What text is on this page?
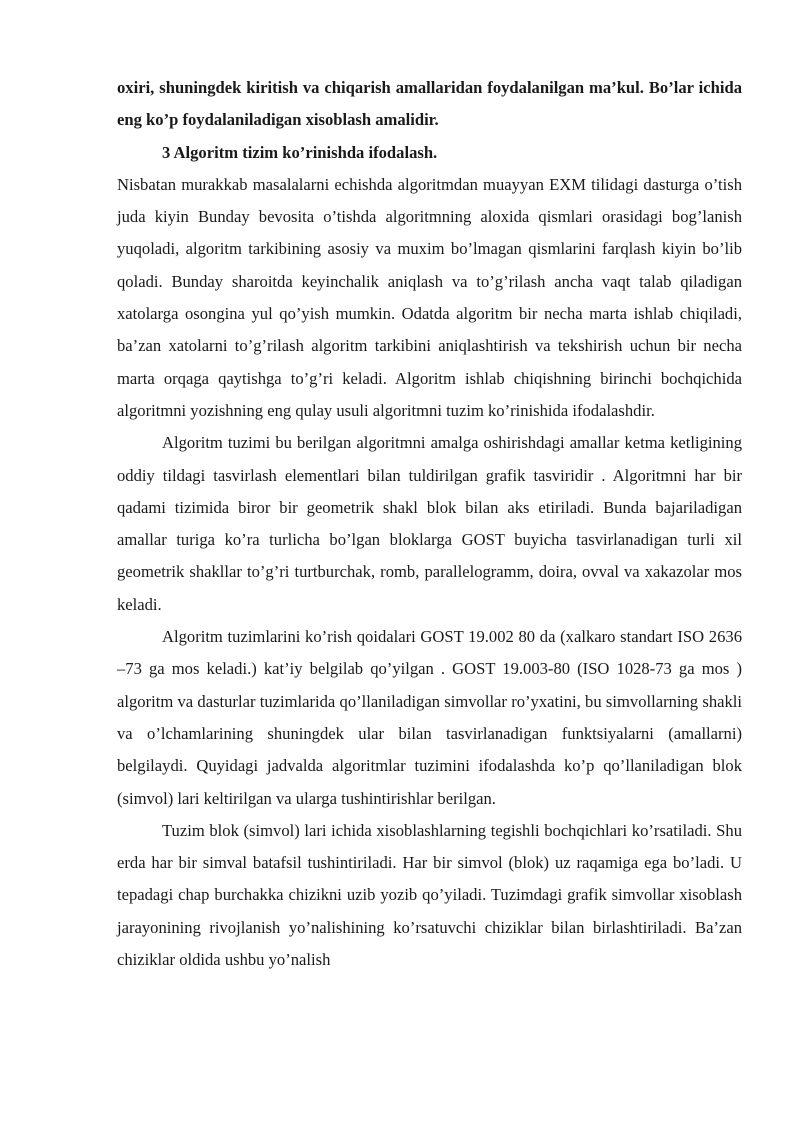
oxiri, shuningdek kiritish va chiqarish amallaridan foydalanilgan ma’kul. Bo’lar ichida eng ko’p foydalaniladigan xisoblash amalidir.

3 Algoritm tizim ko’rinishda ifodalash.

Nisbatan murakkab masalalarni echishda algoritmdan muayyan EXM tilidagi dasturga o’tish juda kiyin Bunday bevosita o’tishda algoritmning aloxida qismlari orasidagi bog’lanish yuqoladi, algoritm tarkibining asosiy va muxim bo’lmagan qismlarini farqlash kiyin bo’lib qoladi. Bunday sharoitda keyinchalik aniqlash va to’g’rilash ancha vaqt talab qiladigan xatolarga osongina yul qo’yish mumkin. Odatda algoritm bir necha marta ishlab chiqiladi, ba’zan xatolarni to’g’rilash algoritm tarkibini aniqlashtirish va tekshirish uchun bir necha marta orqaga qaytishga to’g’ri keladi. Algoritm ishlab chiqishning birinchi bochqichida algoritmni yozishning eng qulay usuli algoritmni tuzim ko’rinishida ifodalashdir.

Algoritm tuzimi bu berilgan algoritmni amalga oshirishdagi amallar ketma ketligining oddiy tildagi tasvirlash elementlari bilan tuldirilgan grafik tasviridir . Algoritmni har bir qadami tizimida biror bir geometrik shakl blok bilan aks etiriladi. Bunda bajariladigan amallar turiga ko’ra turlicha bo’lgan bloklarga GOST buyicha tasvirlanadigan turli xil geometrik shakllar to’g’ri turtburchak, romb, parallelogramm, doira, ovval va xakazolar mos keladi.

Algoritm tuzimlarini ko’rish qoidalari GOST 19.002 80 da (xalkaro standart ISO 2636 –73 ga mos keladi.) kat’iy belgilab qo’yilgan . GOST 19.003-80 (ISO 1028-73 ga mos ) algoritm va dasturlar tuzimlarida qo’llaniladigan simvollar ro’yxatini, bu simvollarning shakli va o’lchamlarining shuningdek ular bilan tasvirlanadigan funktsiyalarni (amallarni) belgilaydi. Quyidagi jadvalda algoritmlar tuzimini ifodalashda ko’p qo’llaniladigan blok (simvol) lari keltirilgan va ularga tushintirishlar berilgan.

Tuzim blok (simvol) lari ichida xisoblashlarning tegishli bochqichlari ko’rsatiladi. Shu erda har bir simval batafsil tushintiriladi. Har bir simvol (blok) uz raqamiga ega bo’ladi. U tepadagi chap burchakka chizikni uzib yozib qo’yiladi. Tuzimdagi grafik simvollar xisoblash jarayonining rivojlanish yo’nalishining ko’rsatuvchi chiziklar bilan birlashtiriladi. Ba’zan chiziklar oldida ushbu yo’nalish
